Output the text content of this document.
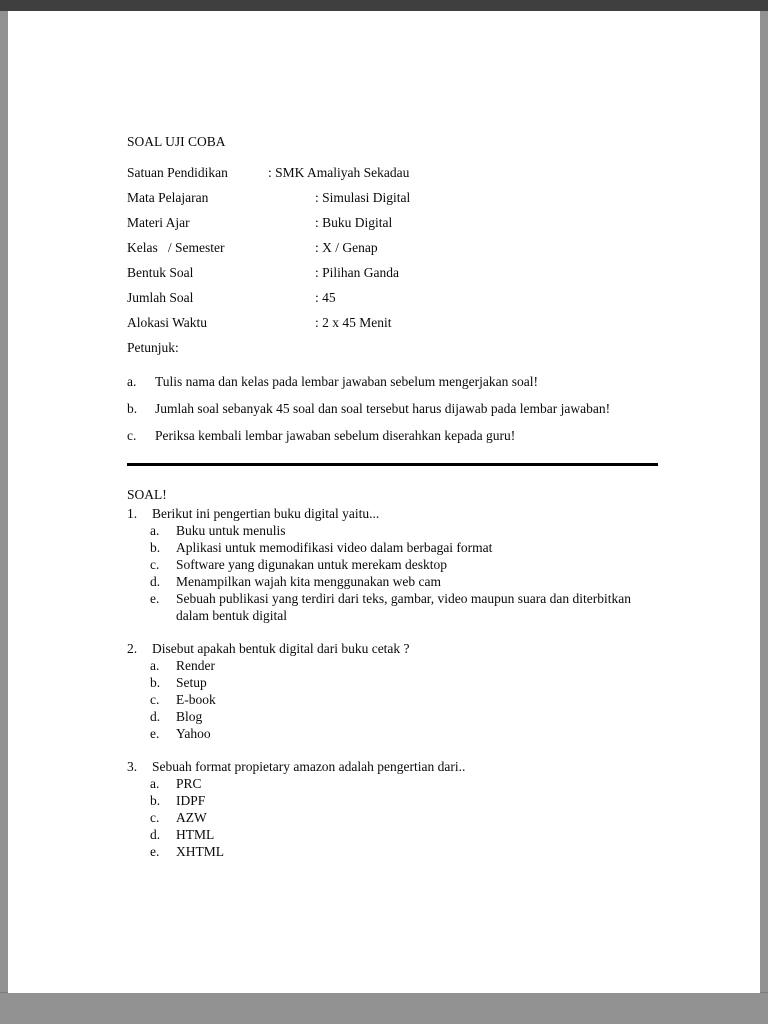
SOAL UJI COBA
Satuan Pendidikan	: SMK Amaliyah Sekadau
Mata Pelajaran	: Simulasi Digital
Materi Ajar	: Buku Digital
Kelas   / Semester	: X / Genap
Bentuk Soal	: Pilihan Ganda
Jumlah Soal	: 45
Alokasi Waktu	: 2 x 45 Menit
Petunjuk:
a.	Tulis nama dan kelas pada lembar jawaban sebelum mengerjakan soal!
b.	Jumlah soal sebanyak 45 soal dan soal tersebut harus dijawab pada lembar jawaban!
c.	Periksa kembali lembar jawaban sebelum diserahkan kepada guru!
SOAL!
1.	Berikut ini pengertian buku digital yaitu...
a.	Buku untuk menulis
b.	Aplikasi untuk memodifikasi video dalam berbagai format
c.	Software yang digunakan untuk merekam desktop
d.	Menampilkan wajah kita menggunakan web cam
e.	Sebuah publikasi yang terdiri dari teks, gambar, video maupun suara dan diterbitkan dalam bentuk digital
2.	Disebut apakah bentuk digital dari buku cetak ?
a.	Render
b.	Setup
c.	E-book
d.	Blog
e.	Yahoo
3.	Sebuah format propietary amazon adalah pengertian dari..
a.	PRC
b.	IDPF
c.	AZW
d.	HTML
e.	XHTML
